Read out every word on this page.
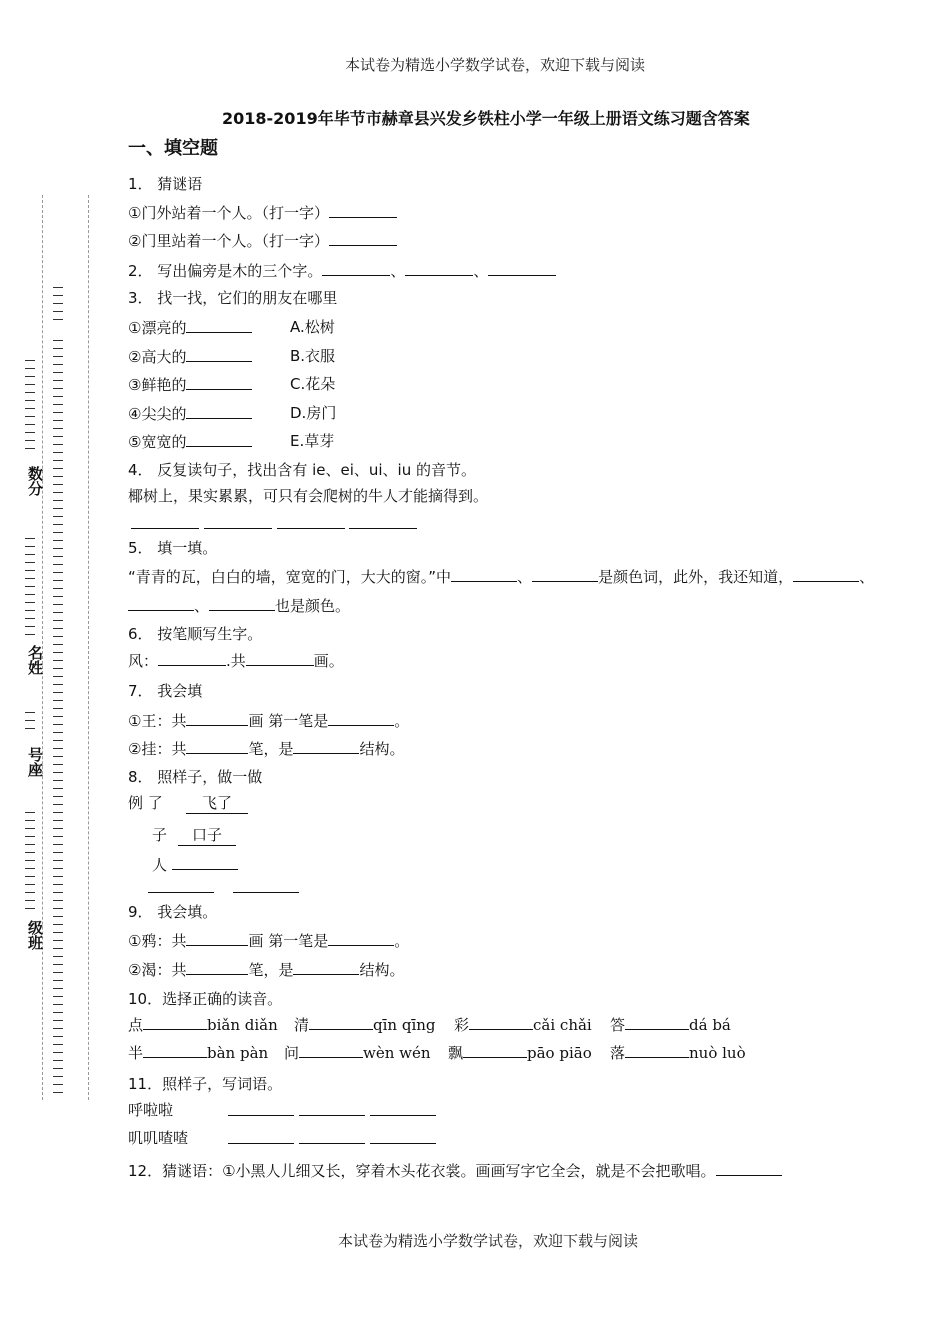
数分
名姓
号座
级班
本试卷为精选小学数学试卷，欢迎下载与阅读
2018-2019年毕节市赫章县兴发乡铁柱小学一年级上册语文练习题含答案
一、填空题
1． 猜谜语
①门外站着一个人。（打一字）
②门里站着一个人。（打一字）
2． 写出偏旁是木的三个字。	、	、
3． 找一找，它们的朋友在哪里
①漂亮的	A.松树
②高大的	B.衣服
③鲜艳的	C.花朵
④尖尖的	D.房门
⑤宽宽的	E.草芽
4． 反复读句子，找出含有 ie、ei、ui、iu 的音节。
椰树上，果实累累，可只有会爬树的牛人才能摘得到。

5． 填一填。
“青青的瓦，白白的墙，宽宽的门，大大的窗。”中	、	是颜色词，此外，我还知道，	、
、	也是颜色。
6． 按笔顺写生字。
风：	.共	画。
7． 我会填
①王：共	画 第一笔是	。
②挂：共	笔，是	结构。
8． 照样子，做一做
例 了	飞了
子	口子
人

9． 我会填。
①鸦：共	画 第一笔是	。
②渴：共	笔，是	结构。
10．选择正确的读音。
点	biǎn diǎn 清	qīn qīng 彩	cǎi chǎi 答	dá bá
半	bàn pàn 问	wèn wén 飘	pāo piāo 落	nuò luò
11．照样子，写词语。
呼啦啦

叽叽喳喳

12．猜谜语：①小黑人儿细又长，穿着木头花衣裳。画画写字它全会，就是不会把歌唱。
本试卷为精选小学数学试卷，欢迎下载与阅读
